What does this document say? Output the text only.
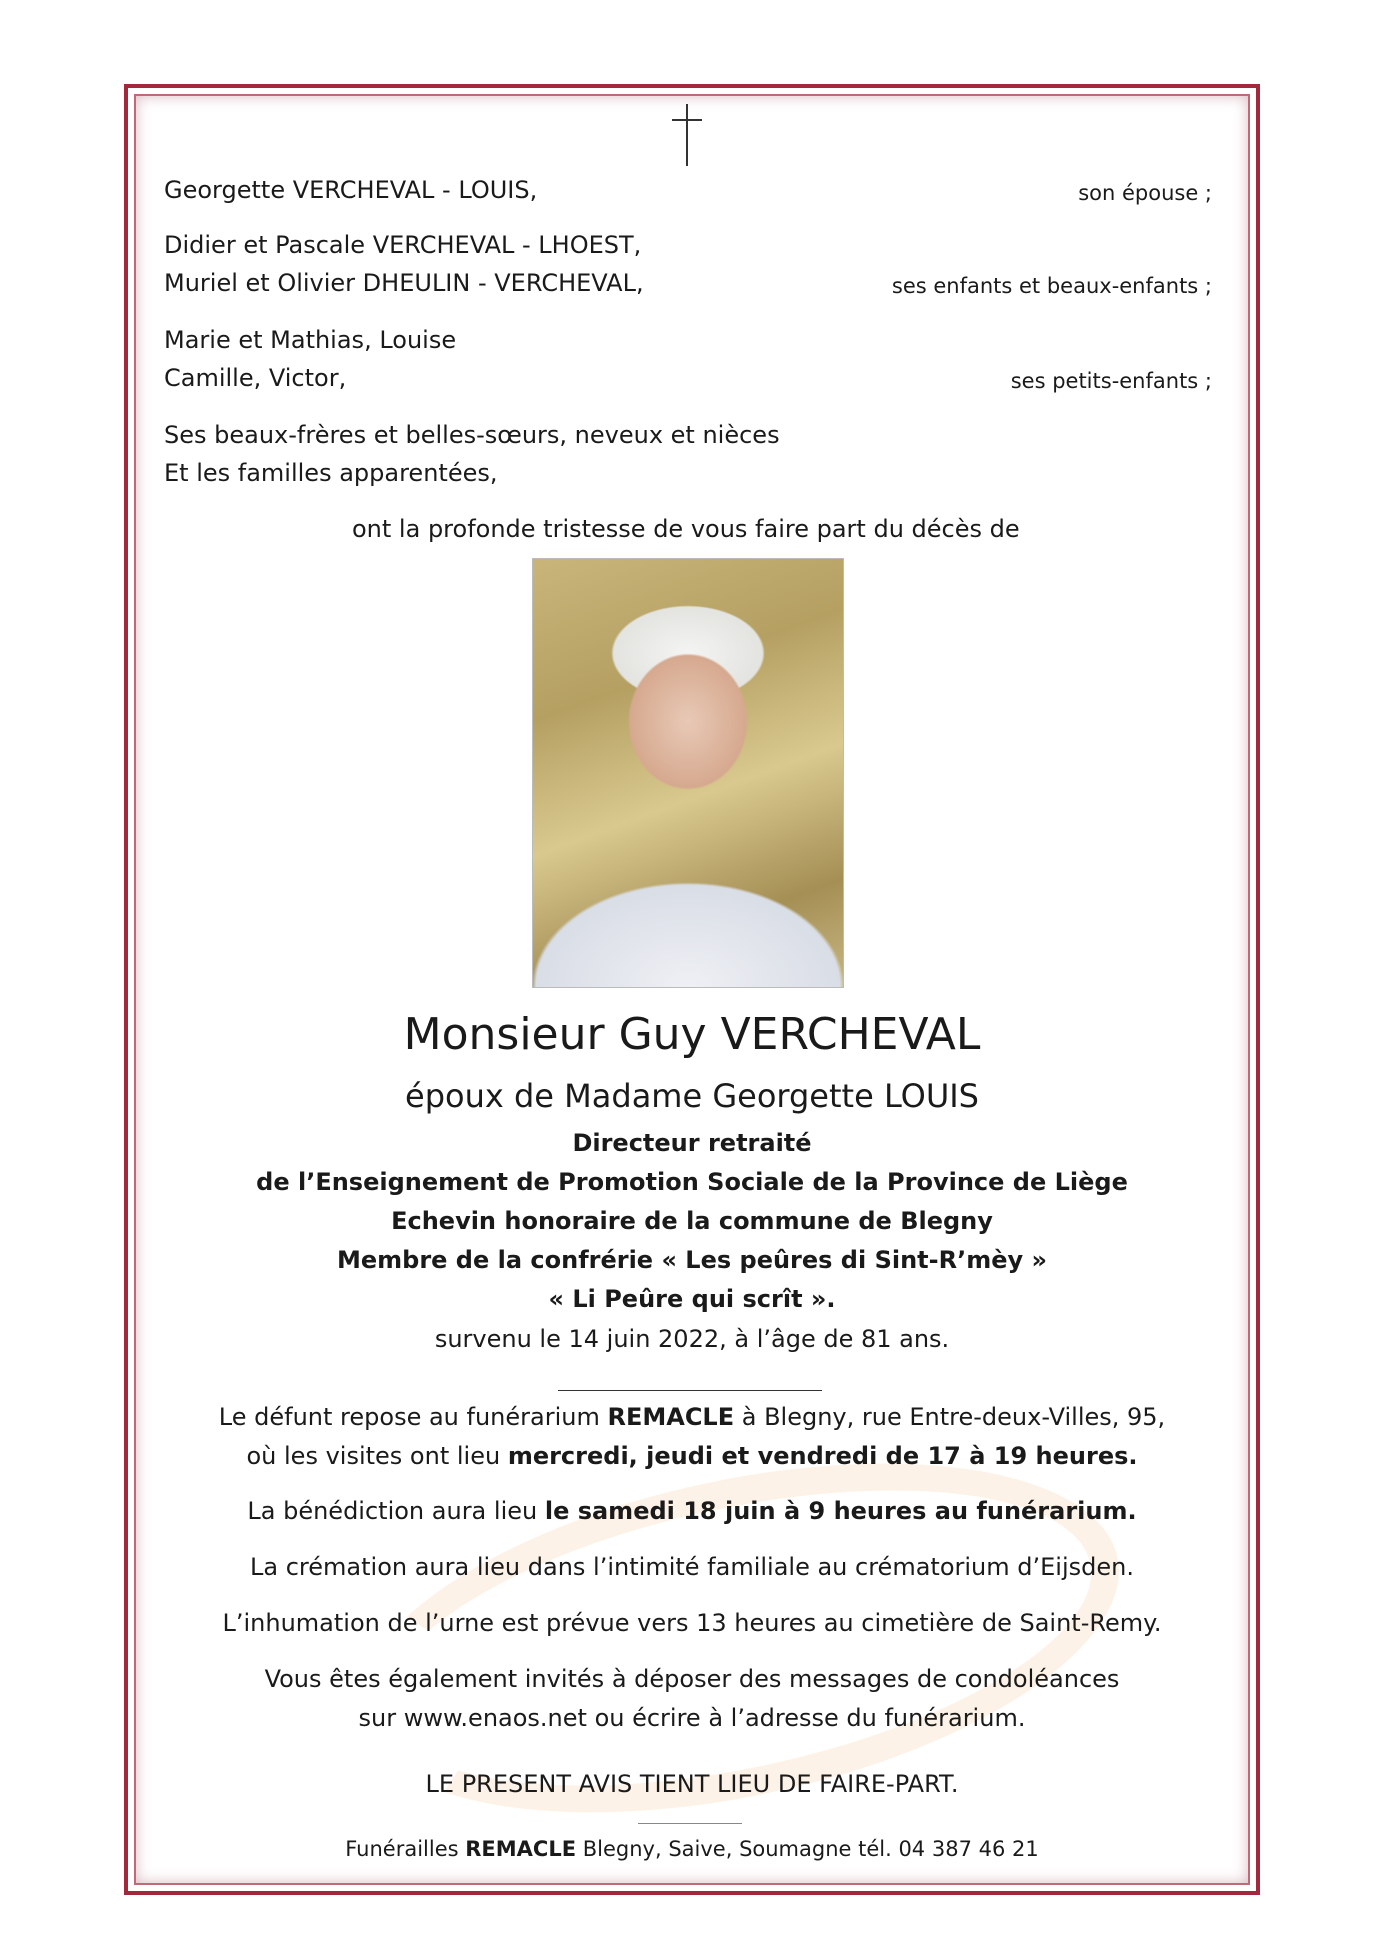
Georgette VERCHEVAL - LOUIS,	son épouse ;
Didier et Pascale VERCHEVAL - LHOEST,
Muriel et Olivier DHEULIN - VERCHEVAL,	ses enfants et beaux-enfants ;
Marie et Mathias, Louise
Camille, Victor,	ses petits-enfants ;
Ses beaux-frères et belles-sœurs, neveux et nièces
Et les familles apparentées,
ont la profonde tristesse de vous faire part du décès de
Monsieur Guy VERCHEVAL
époux de Madame Georgette LOUIS
Directeur retraité
de l’Enseignement de Promotion Sociale de la Province de Liège
Echevin honoraire de la commune de Blegny
Membre de la confrérie « Les peûres di Sint-R’mèy »
« Li Peûre qui scrît ».
survenu le 14 juin 2022, à l’âge de 81 ans.
Le défunt repose au funérarium REMACLE à Blegny, rue Entre-deux-Villes, 95,
où les visites ont lieu mercredi, jeudi et vendredi de 17 à 19 heures.
La bénédiction aura lieu le samedi 18 juin à 9 heures au funérarium.
La crémation aura lieu dans l’intimité familiale au crématorium d’Eijsden.
L’inhumation de l’urne est prévue vers 13 heures au cimetière de Saint-Remy.
Vous êtes également invités à déposer des messages de condoléances
sur www.enaos.net ou écrire à l’adresse du funérarium.
LE PRESENT AVIS TIENT LIEU DE FAIRE-PART.
Funérailles REMACLE Blegny, Saive, Soumagne tél. 04 387 46 21
